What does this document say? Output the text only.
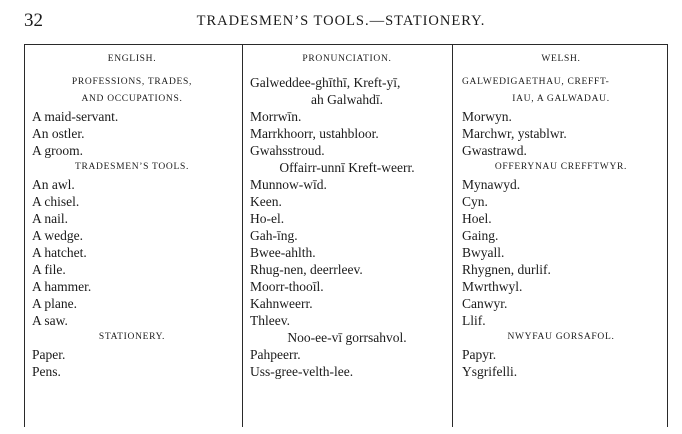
32	TRADESMEN’S TOOLS.—STATIONERY.
ENGLISH.
PROFESSIONS, TRADES,
AND OCCUPATIONS.
A maid-servant.
An ostler.
A groom.
TRADESMEN’S TOOLS.
An awl.
A chisel.
A nail.
A wedge.
A hatchet.
A file.
A hammer.
A plane.
A saw.
STATIONERY.
Paper.
Pens.
PRONUNCIATION.
Galweddee-ghīthī, Kreft-yī,
ah Galwahdī.
Morrwīn.
Marrkhoorr, ustahbloor.
Gwahsstroud.
Offairr-unnī Kreft-weerr.
Munnow-wīd.
Keen.
Ho-el.
Gah-īng.
Bwee-ahlth.
Rhug-nen, deerrleev.
Moorr-thooīl.
Kahnweerr.
Thleev.
Noo-ee-vī gorrsahvol.
Pahpeerr.
Uss-gree-velth-lee.
WELSH.
GALWEDIGAETHAU, CREFFT-
IAU, A GALWADAU.
Morwyn.
Marchwr, ystablwr.
Gwastrawd.
OFFERYNAU CREFFTWYR.
Mynawyd.
Cyn.
Hoel.
Gaing.
Bwyall.
Rhygnen, durlif.
Mwrthwyl.
Canwyr.
Llif.
NWYFAU GORSAFOL.
Papyr.
Ysgrifelli.
